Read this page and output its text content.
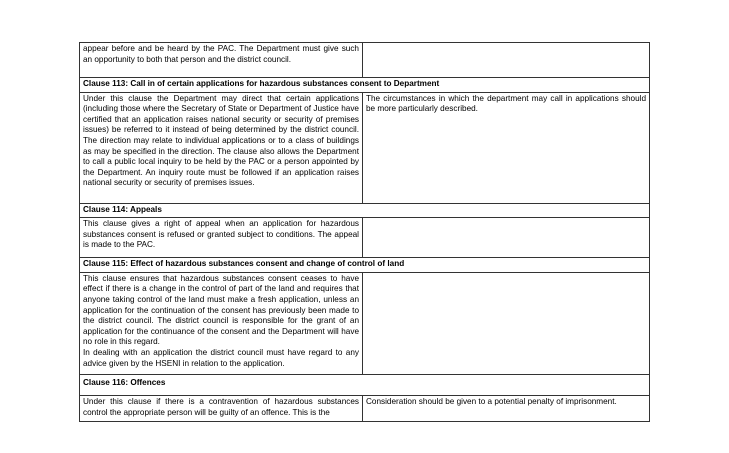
appear before and be heard by the PAC. The Department must give such an opportunity to both that person and the district council.	
Clause 113: Call in of certain applications for hazardous substances consent to Department	

Under this clause the Department may direct that certain applications (including those where the Secretary of State or Department of Justice have certified that an application raises national security or security of premises issues) be referred to it instead of being determined by the district council. The direction may relate to individual applications or to a class of buildings as may be specified in the direction. The clause also allows the Department to call a public local inquiry to be held by the PAC or a person appointed by the Department. An inquiry route must be followed if an application raises national security or security of premises issues.	The circumstances in which the department may call in applications should be more particularly described.
Clause 114: Appeals	

This clause gives a right of appeal when an application for hazardous substances consent is refused or granted subject to conditions. The appeal is made to the PAC.	

Clause 115: Effect of hazardous substances consent and change of control of land	

This clause ensures that hazardous substances consent ceases to have effect if there is a change in the control of part of the land and requires that anyone taking control of the land must make a fresh application, unless an application for the continuation of the consent has previously been made to the district council. The district council is responsible for the grant of an application for the continuance of the consent and the Department will have no role in this regard.
In dealing with an application the district council must have regard to any advice given by the HSENI in relation to the application.	

Clause 116: Offences	

Under this clause if there is a contravention of hazardous substances control the appropriate person will be guilty of an offence. This is the	Consideration should be given to a potential penalty of imprisonment.
